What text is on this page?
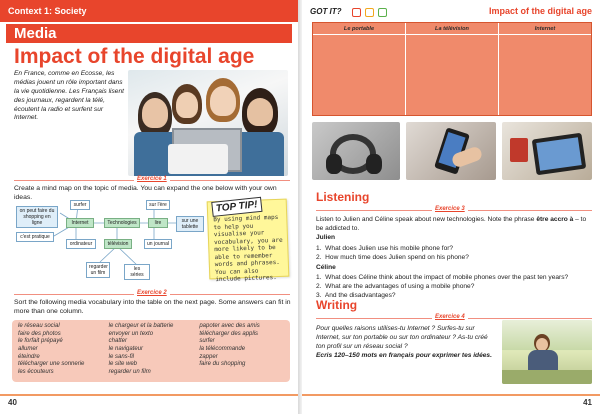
Context 1: Society
Media
Impact of the digital age
En France, comme en Ecosse, les médias jouent un rôle important dans la vie quotidienne. Les Français lisent des journaux, regardent la télé, écoutent la radio et surfent sur Internet.
Exercice 1
Create a mind map on the topic of media. You can expand the one below with your own ideas.
surfer
on peut faire du shopping en ligne
c'est pratique
Internet	Technologies	lire
sur l'ère
sur une tablette
ordinateur	télévision	un journal
regarder un film
les séries
TOP TIP!
By using mind maps to help you visualise your vocabulary, you are more likely to be able to remember words and phrases. You can also include pictures.
Exercice 2
Sort the following media vocabulary into the table on the next page. Some answers can fit in more than one column.
le réseau social
faire des photos
le forfait prépayé
allumer
éteindre
télécharger une sonnerie
les écouteurs
le chargeur et la batterie
envoyer un texto
chatter
le navigateur
le sans-fil
le site web
regarder un film
papoter avec des amis
télécharger des applis
surfer
la télécommande
zapper
faire du shopping
40
GOT IT?	Impact of the digital age
Le portable	La télévision	Internet
Listening
Exercice 3
Listen to Julien and Céline speak about new technologies. Note the phrase être accro à – to be addicted to.
Julien
1.  What does Julien use his mobile phone for?
2.  How much time does Julien spend on his phone?
Céline
1.  What does Céline think about the impact of mobile phones over the past ten years?
2.  What are the advantages of using a mobile phone?
3.  And the disadvantages?
Writing
Exercice 4
Pour quelles raisons utilises-tu Internet ? Surfes-tu sur Internet, sur ton portable ou sur ton ordinateur ? As-tu créé ton profil sur un réseau social ?
Ecris 120–150 mots en français pour exprimer tes idées.
41
